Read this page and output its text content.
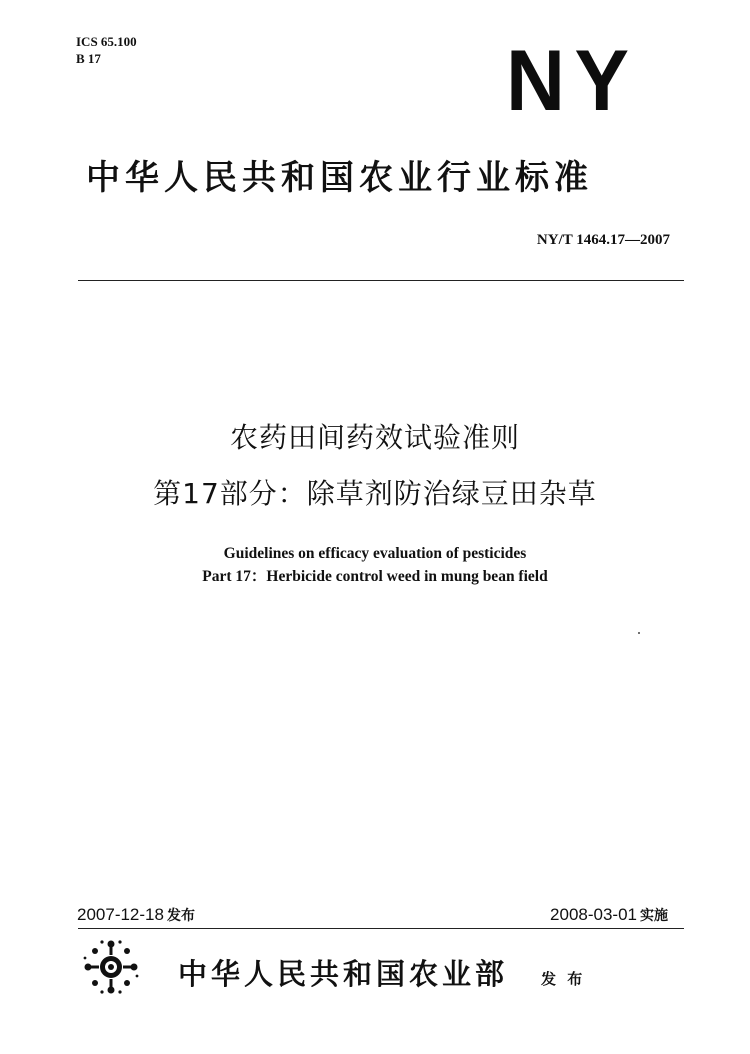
ICS 65.100
B 17	NY
中华人民共和国农业行业标准
NY/T 1464.17—2007
农药田间药效试验准则
第17部分：除草剂防治绿豆田杂草
Guidelines on efficacy evaluation of pesticides
Part 17：Herbicide control weed in mung bean field
2007-12-18 发布	2008-03-01 实施
中华人民共和国农业部 发 布
